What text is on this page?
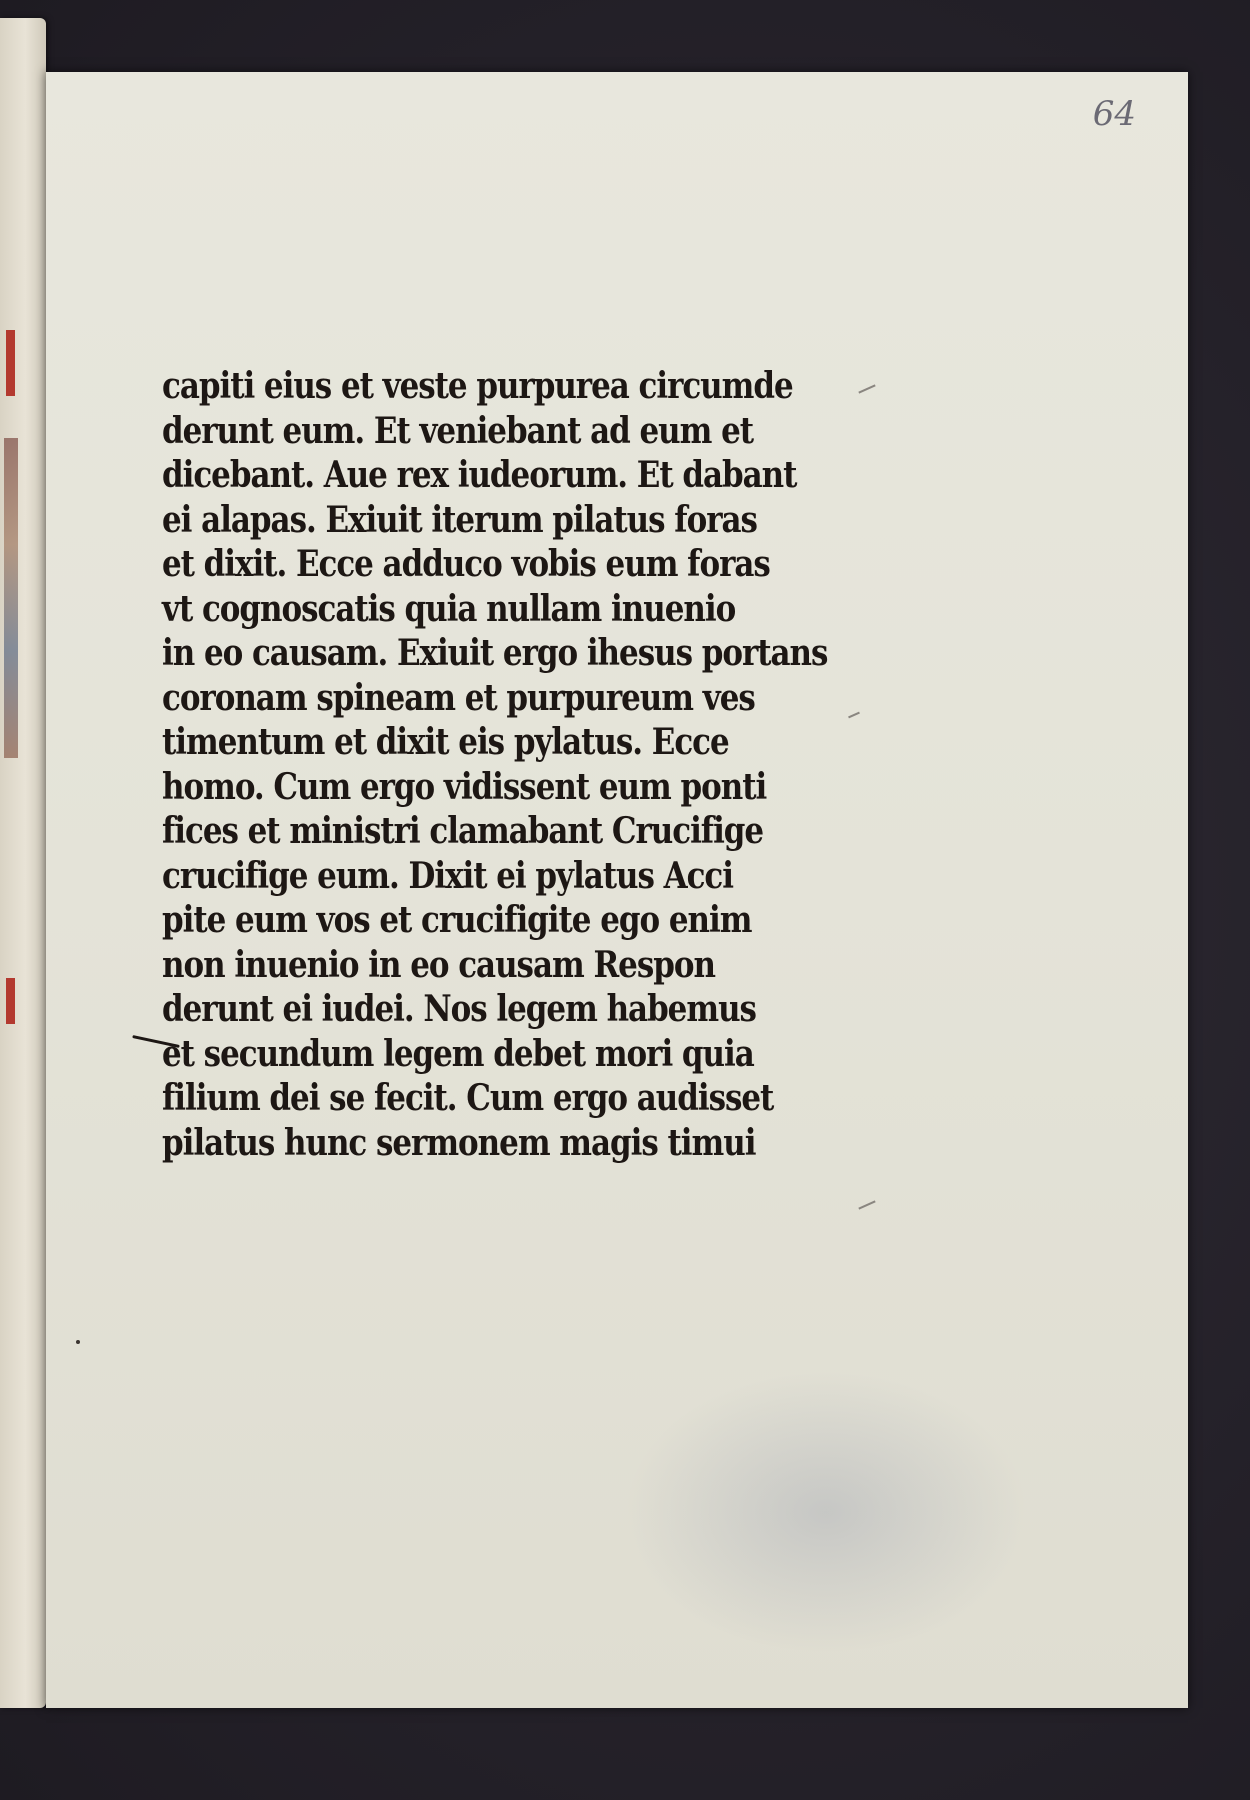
64
capiti eius et veste purpurea circumde
derunt eum. Et veniebant ad eum et
dicebant. Aue rex iudeorum. Et dabant
ei alapas. Exiuit iterum pilatus foras
et dixit. Ecce adduco vobis eum foras
vt cognoscatis quia nullam inuenio
in eo causam. Exiuit ergo ihesus portans
coronam spineam et purpureum ves
timentum et dixit eis pylatus. Ecce
homo. Cum ergo vidissent eum ponti
fices et ministri clamabant Crucifige
crucifige eum. Dixit ei pylatus Acci
pite eum vos et crucifigite ego enim
non inuenio in eo causam Respon
derunt ei iudei. Nos legem habemus
et secundum legem debet mori quia
filium dei se fecit. Cum ergo audisset
pilatus hunc sermonem magis timui
